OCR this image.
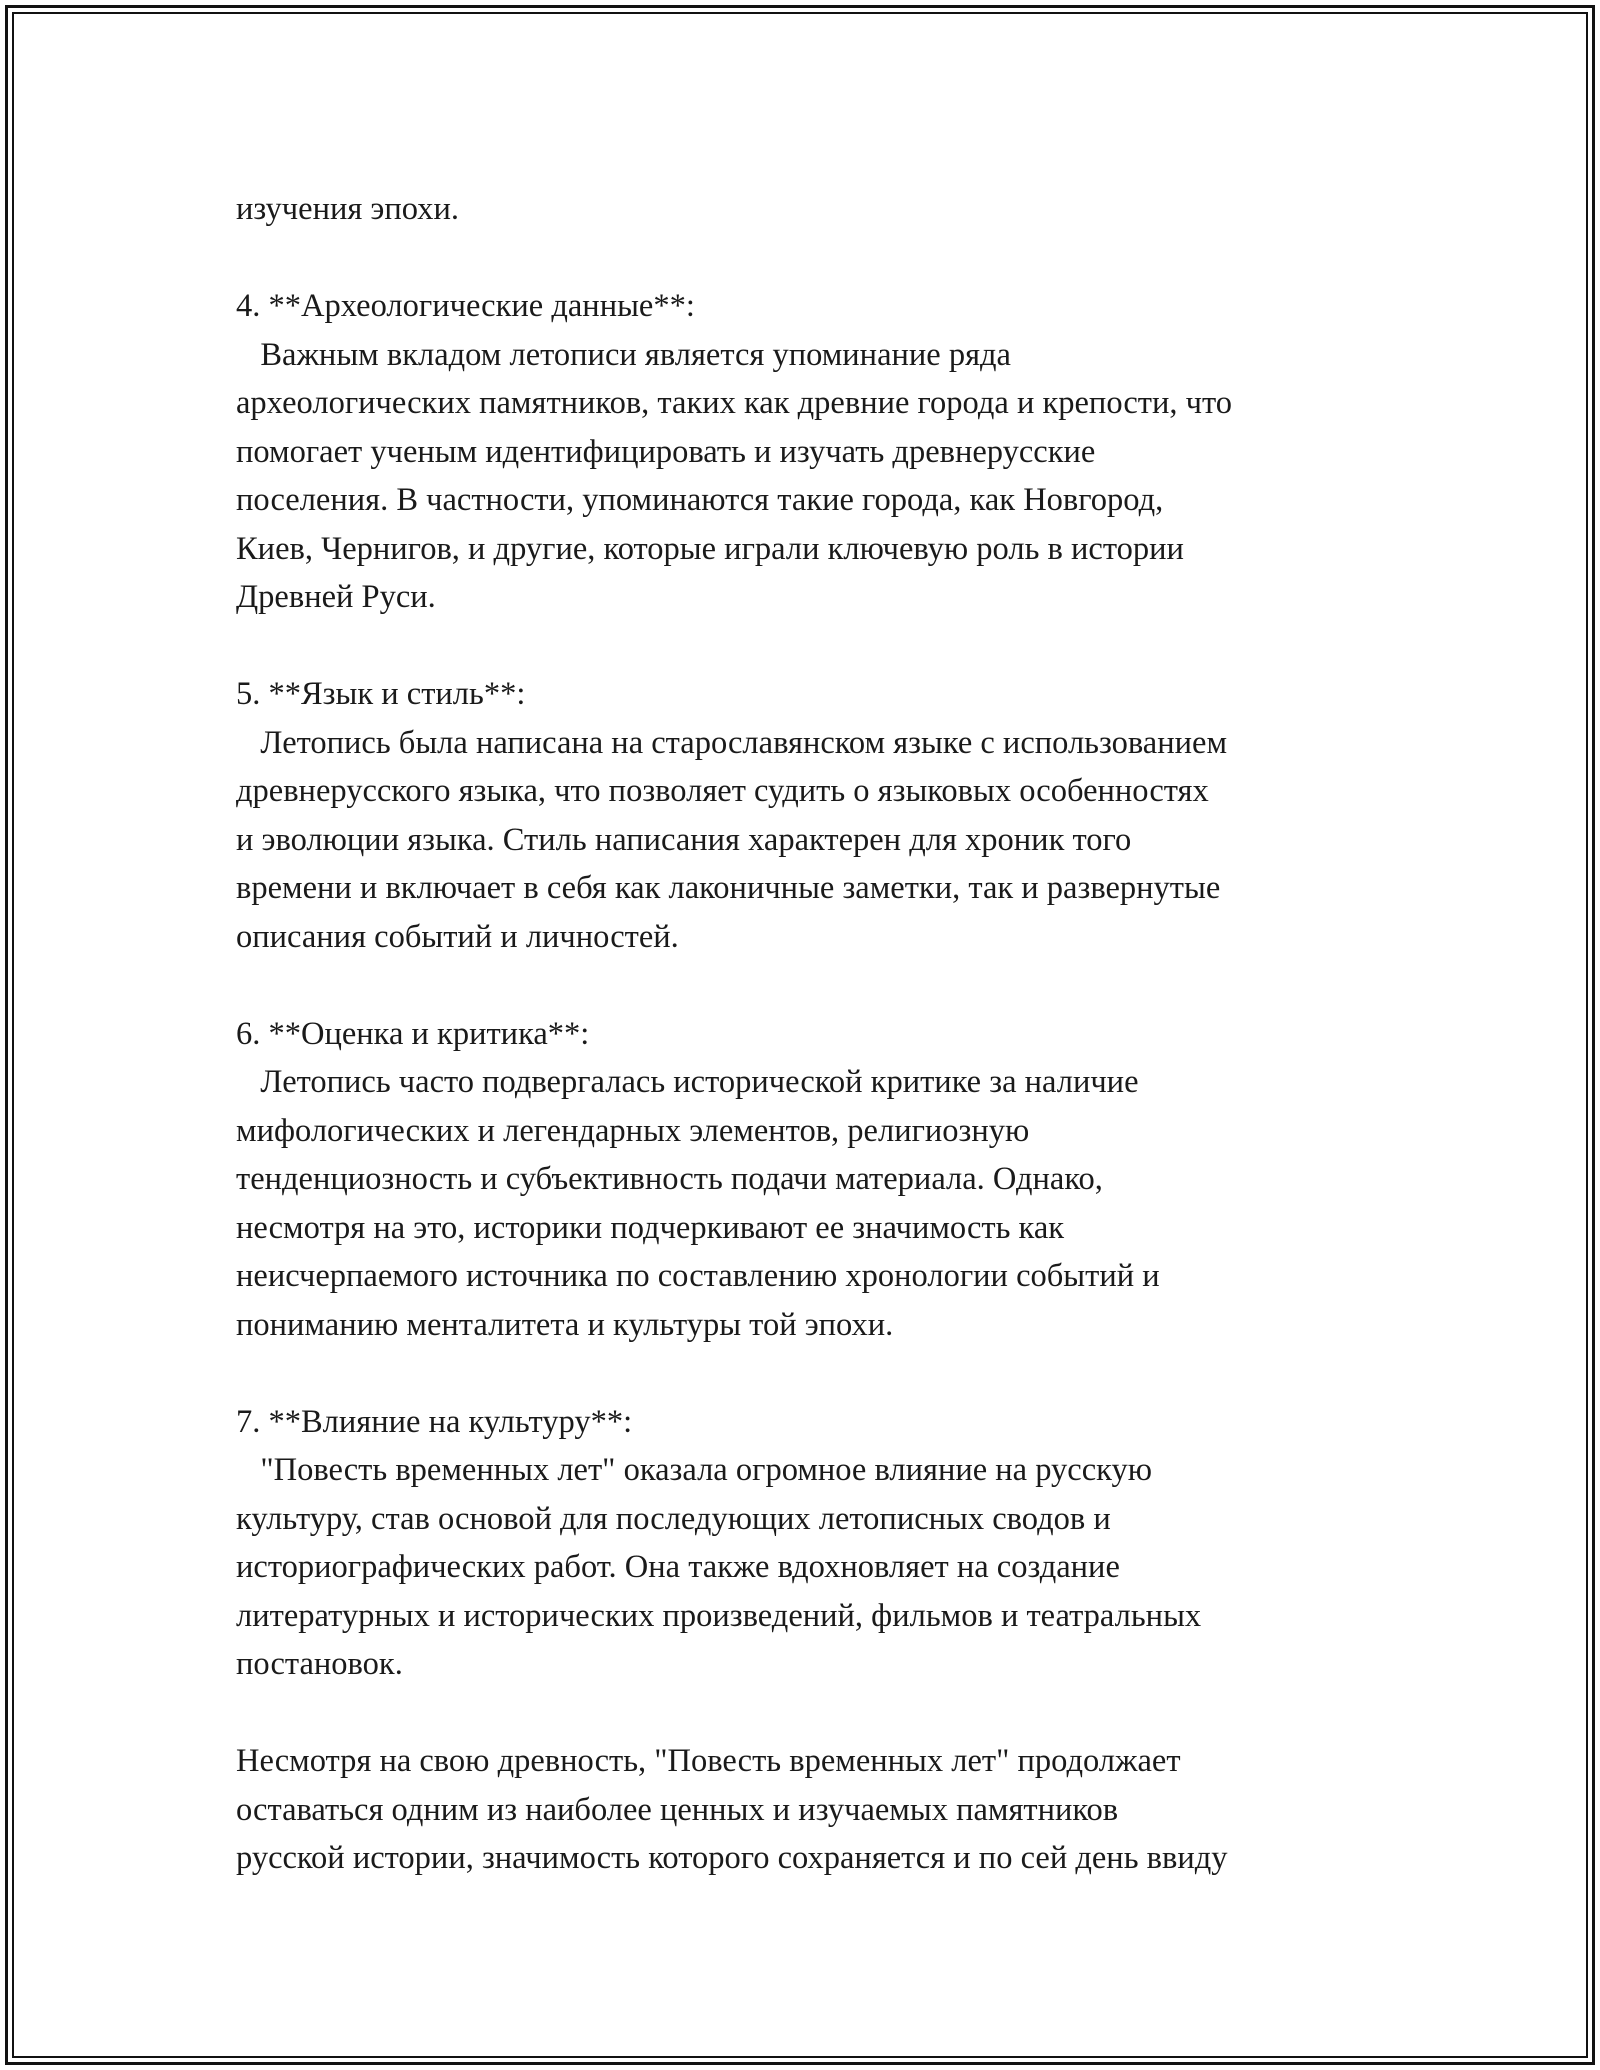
изучения эпохи.
4. **Археологические данные**:
Важным вкладом летописи является упоминание ряда
археологических памятников, таких как древние города и крепости, что
помогает ученым идентифицировать и изучать древнерусские
поселения. В частности, упоминаются такие города, как Новгород,
Киев, Чернигов, и другие, которые играли ключевую роль в истории
Древней Руси.
5. **Язык и стиль**:
Летопись была написана на старославянском языке с использованием
древнерусского языка, что позволяет судить о языковых особенностях
и эволюции языка. Стиль написания характерен для хроник того
времени и включает в себя как лаконичные заметки, так и развернутые
описания событий и личностей.
6. **Оценка и критика**:
Летопись часто подвергалась исторической критике за наличие
мифологических и легендарных элементов, религиозную
тенденциозность и субъективность подачи материала. Однако,
несмотря на это, историки подчеркивают ее значимость как
неисчерпаемого источника по составлению хронологии событий и
пониманию менталитета и культуры той эпохи.
7. **Влияние на культуру**:
"Повесть временных лет" оказала огромное влияние на русскую
культуру, став основой для последующих летописных сводов и
историографических работ. Она также вдохновляет на создание
литературных и исторических произведений, фильмов и театральных
постановок.
Несмотря на свою древность, "Повесть временных лет" продолжает
оставаться одним из наиболее ценных и изучаемых памятников
русской истории, значимость которого сохраняется и по сей день ввиду
